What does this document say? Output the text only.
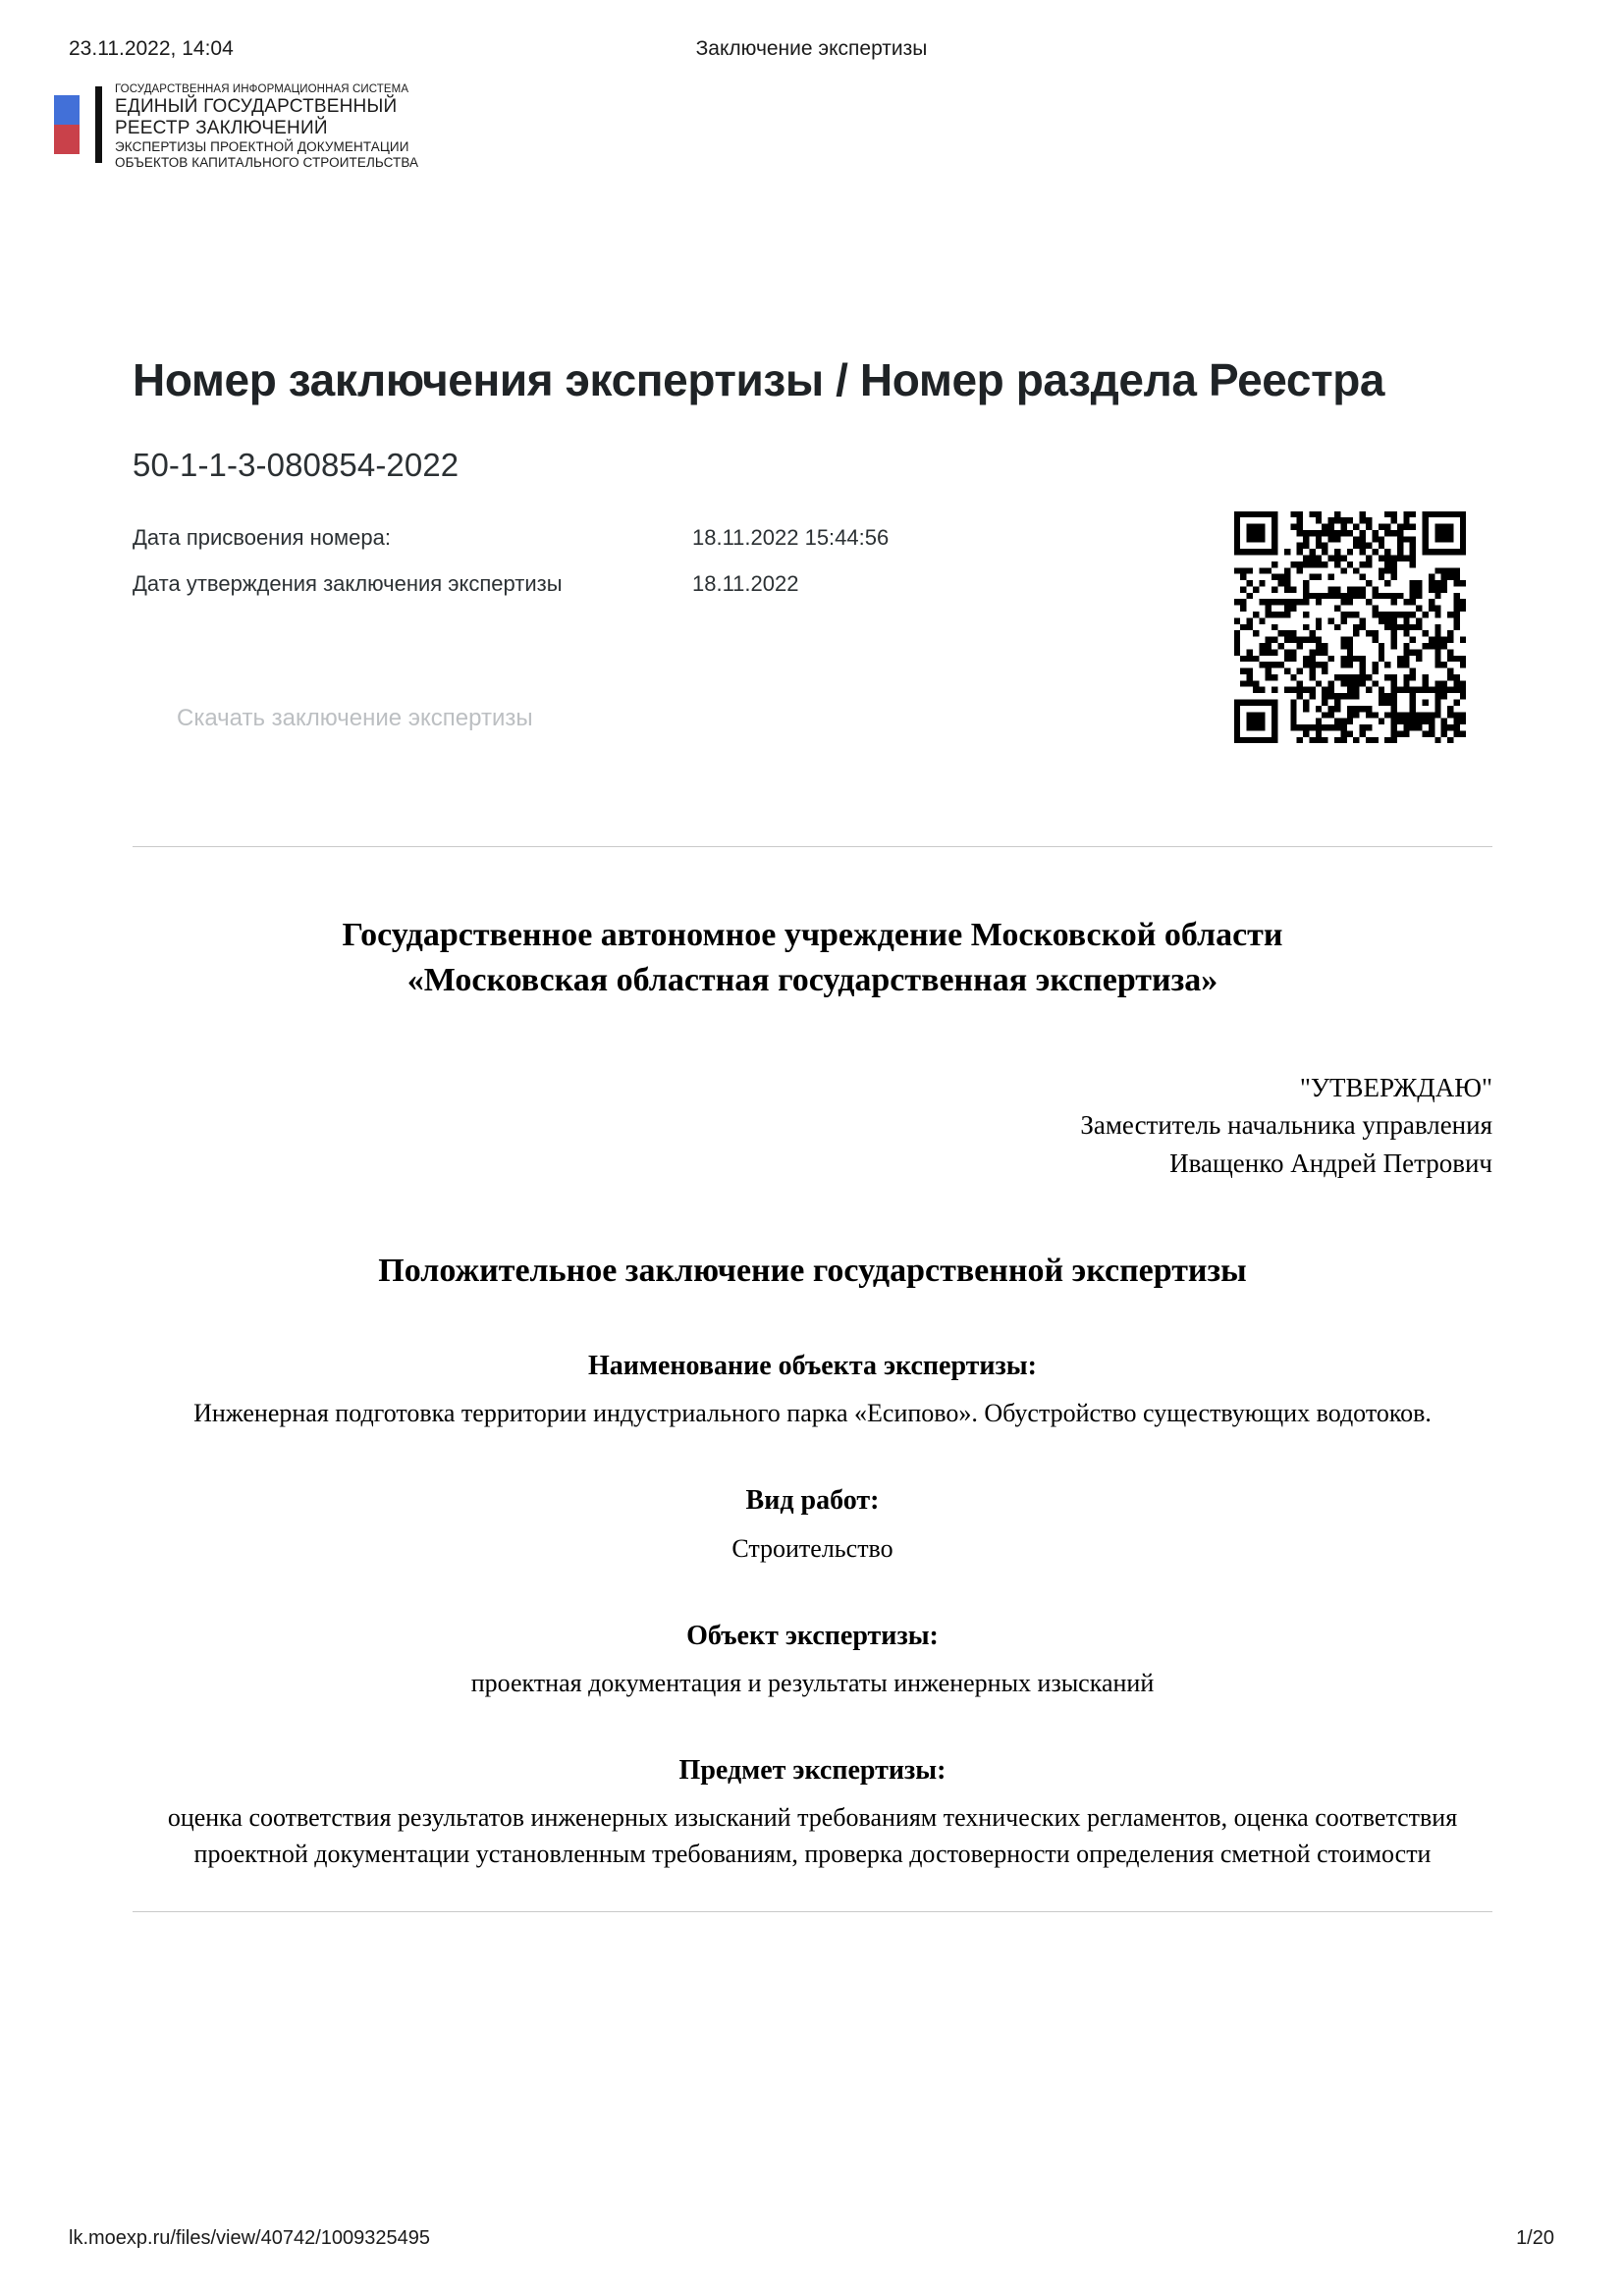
23.11.2022, 14:04	Заключение экспертизы
ГОСУДАРСТВЕННАЯ ИНФОРМАЦИОННАЯ СИСТЕМА
ЕДИНЫЙ ГОСУДАРСТВЕННЫЙ
РЕЕСТР ЗАКЛЮЧЕНИЙ
ЭКСПЕРТИЗЫ ПРОЕКТНОЙ ДОКУМЕНТАЦИИ
ОБЪЕКТОВ КАПИТАЛЬНОГО СТРОИТЕЛЬСТВА
Номер заключения экспертизы / Номер раздела Реестра
50-1-1-3-080854-2022
Дата присвоения номера:	18.11.2022 15:44:56
Дата утверждения заключения экспертизы	18.11.2022
Скачать заключение экспертизы
Государственное автономное учреждение Московской области
«Московская областная государственная экспертиза»
"УТВЕРЖДАЮ"
Заместитель начальника управления
Иващенко Андрей Петрович
Положительное заключение государственной экспертизы
Наименование объекта экспертизы:
Инженерная подготовка территории индустриального парка «Есипово». Обустройство существующих водотоков.
Вид работ:
Строительство
Объект экспертизы:
проектная документация и результаты инженерных изысканий
Предмет экспертизы:
оценка соответствия результатов инженерных изысканий требованиям технических регламентов, оценка соответствия
проектной документации установленным требованиям, проверка достоверности определения сметной стоимости
lk.moexp.ru/files/view/40742/1009325495	1/20
